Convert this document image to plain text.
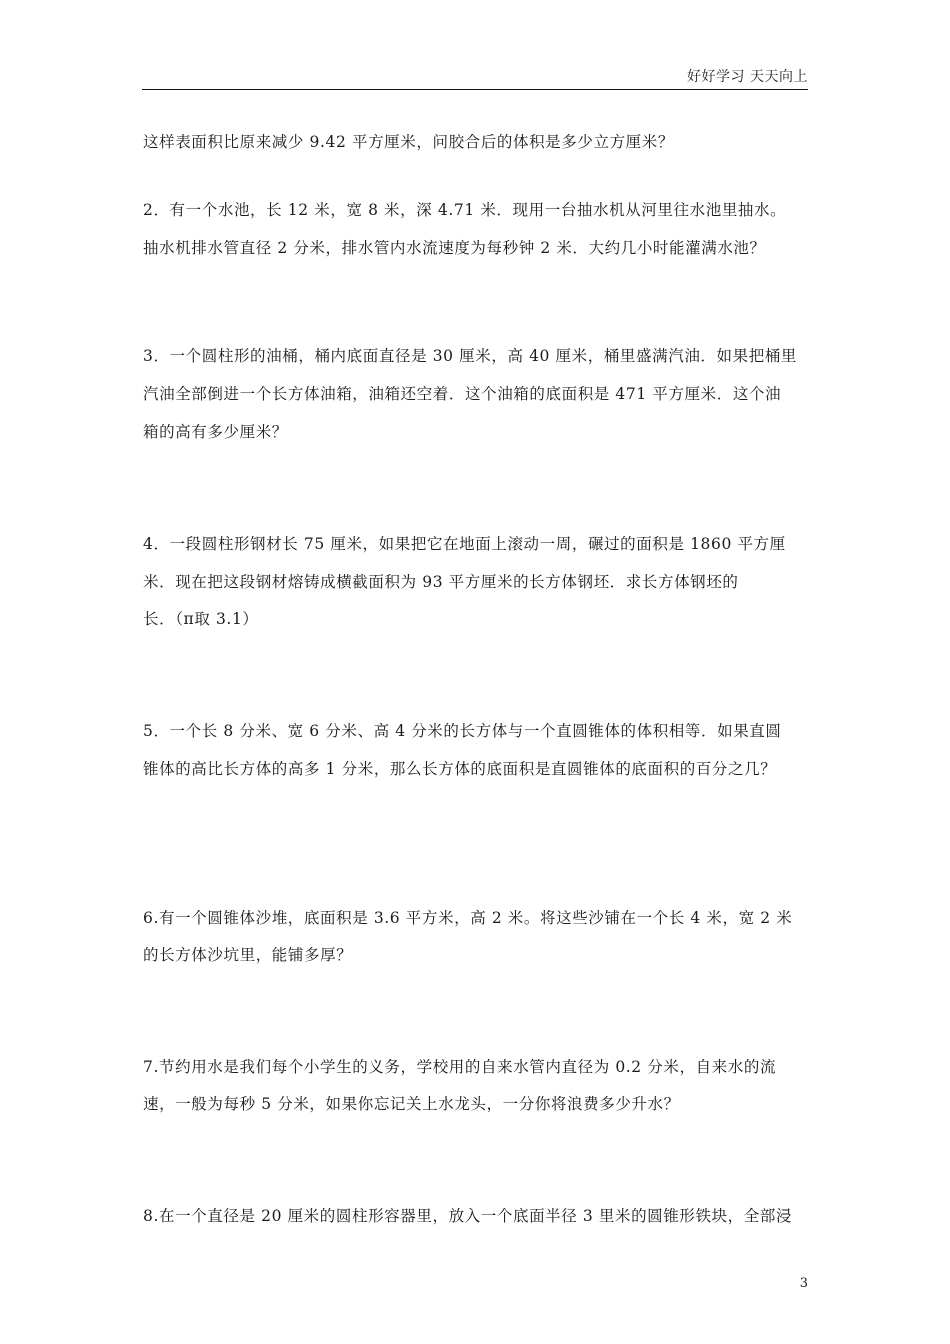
好好学习 天天向上
这样表面积比原来减少 9.42 平方厘米，问胶合后的体积是多少立方厘米？
2．有一个水池，长 12 米，宽 8 米，深 4.71 米．现用一台抽水机从河里往水池里抽水。
抽水机排水管直径 2 分米，排水管内水流速度为每秒钟 2 米．大约几小时能灌满水池？
3．一个圆柱形的油桶，桶内底面直径是 30 厘米，高 40 厘米，桶里盛满汽油．如果把桶里
汽油全部倒进一个长方体油箱，油箱还空着．这个油箱的底面积是 471 平方厘米．这个油
箱的高有多少厘米？
4．一段圆柱形钢材长 75 厘米，如果把它在地面上滚动一周，碾过的面积是 1860 平方厘
米．现在把这段钢材熔铸成横截面积为 93 平方厘米的长方体钢坯．求长方体钢坯的
长．（π取 3.1）
5．一个长 8 分米、宽 6 分米、高 4 分米的长方体与一个直圆锥体的体积相等．如果直圆
锥体的高比长方体的高多 1 分米，那么长方体的底面积是直圆锥体的底面积的百分之几？
6.有一个圆锥体沙堆，底面积是 3.6 平方米，高 2 米。将这些沙铺在一个长 4 米，宽 2 米
的长方体沙坑里，能铺多厚？
7.节约用水是我们每个小学生的义务，学校用的自来水管内直径为 0.2 分米，自来水的流
速，一般为每秒 5 分米，如果你忘记关上水龙头，一分你将浪费多少升水？
8.在一个直径是 20 厘米的圆柱形容器里，放入一个底面半径 3 里米的圆锥形铁块，全部浸
3
